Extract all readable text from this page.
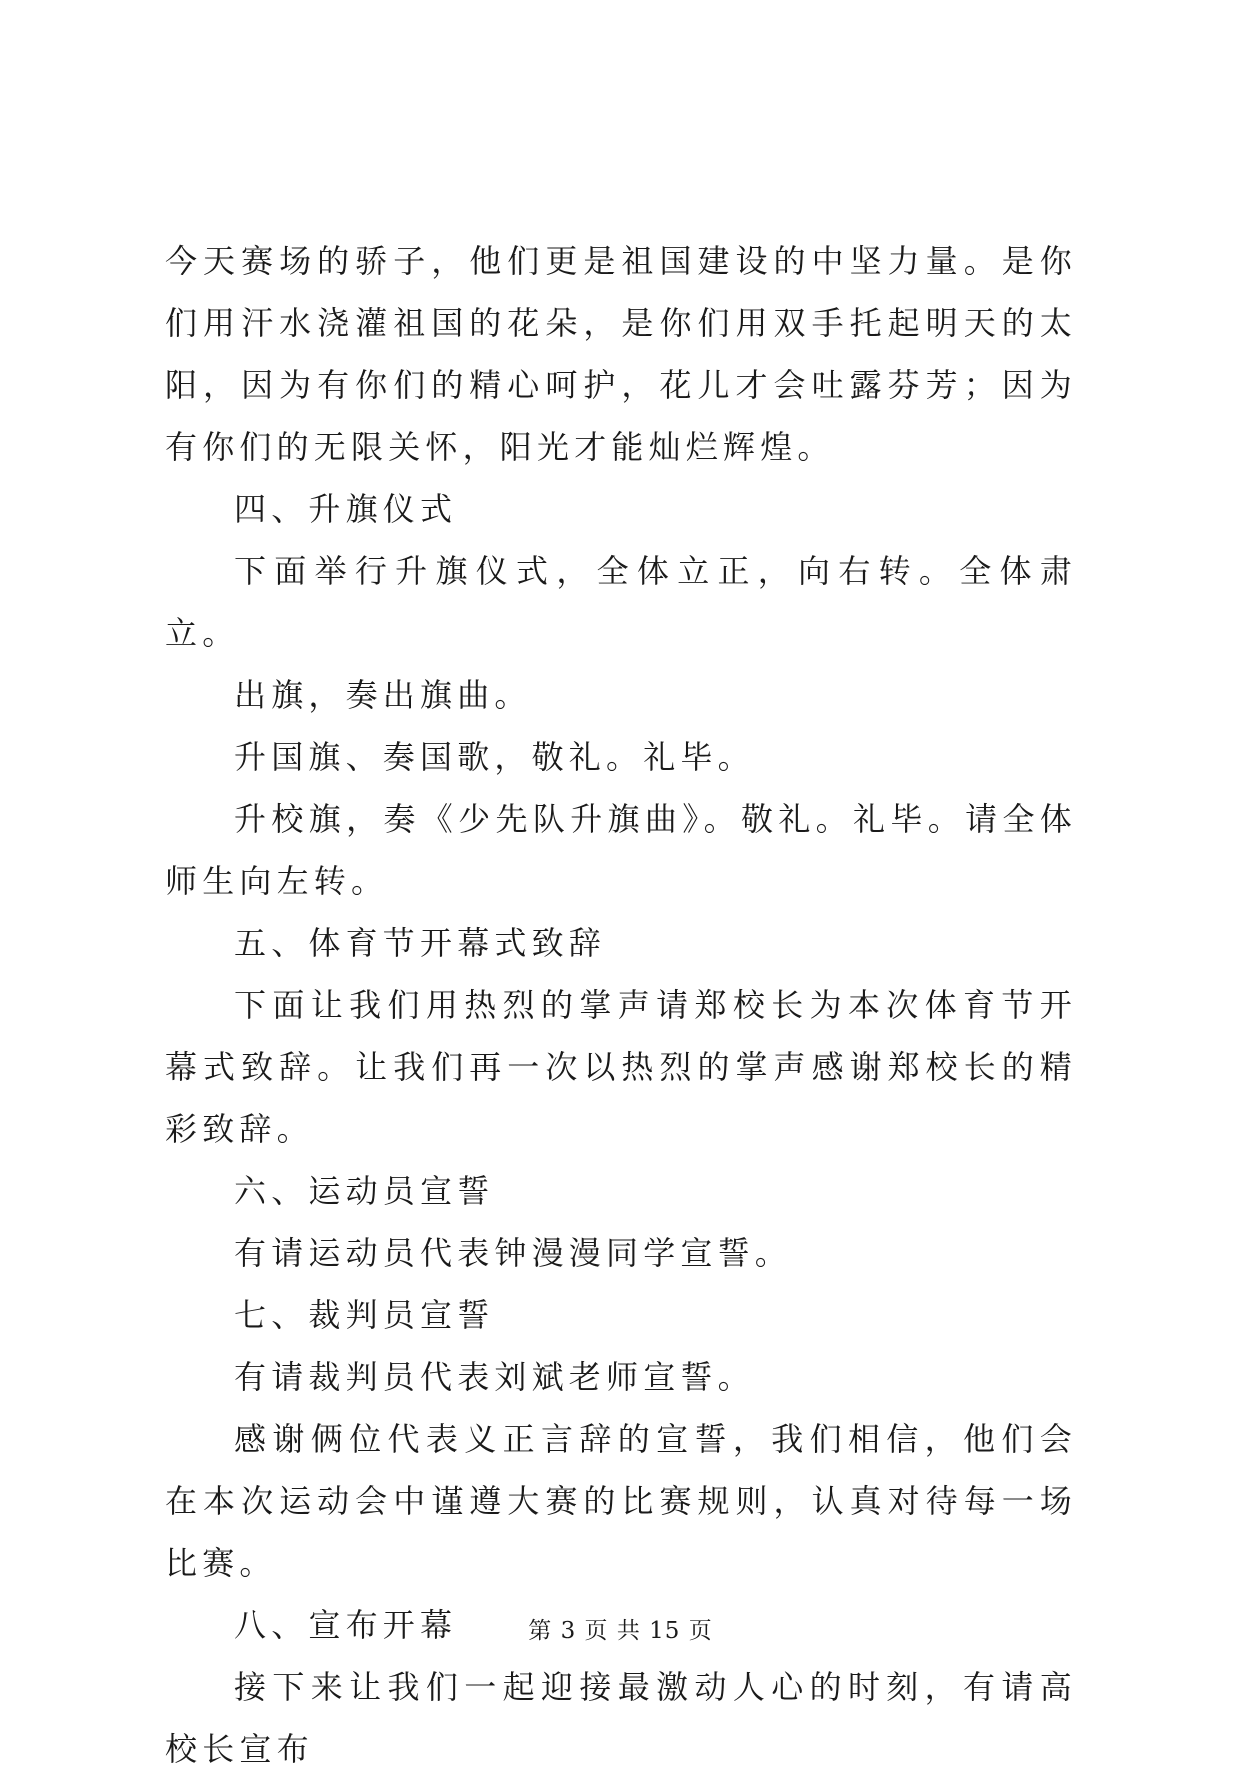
今天赛场的骄子，他们更是祖国建设的中坚力量。是你们用汗水浇灌祖国的花朵，是你们用双手托起明天的太阳，因为有你们的精心呵护，花儿才会吐露芬芳；因为有你们的无限关怀，阳光才能灿烂辉煌。

四、升旗仪式

下面举行升旗仪式，全体立正，向右转。全体肃立。

出旗，奏出旗曲。

升国旗、奏国歌，敬礼。礼毕。

升校旗，奏《少先队升旗曲》。敬礼。礼毕。请全体师生向左转。

五、体育节开幕式致辞

下面让我们用热烈的掌声请郑校长为本次体育节开幕式致辞。让我们再一次以热烈的掌声感谢郑校长的精彩致辞。

六、运动员宣誓

有请运动员代表钟漫漫同学宣誓。

七、裁判员宣誓

有请裁判员代表刘斌老师宣誓。

感谢俩位代表义正言辞的宣誓，我们相信，他们会在本次运动会中谨遵大赛的比赛规则，认真对待每一场比赛。

八、宣布开幕

接下来让我们一起迎接最激动人心的时刻，有请高校长宣布

第 3 页 共 15 页
